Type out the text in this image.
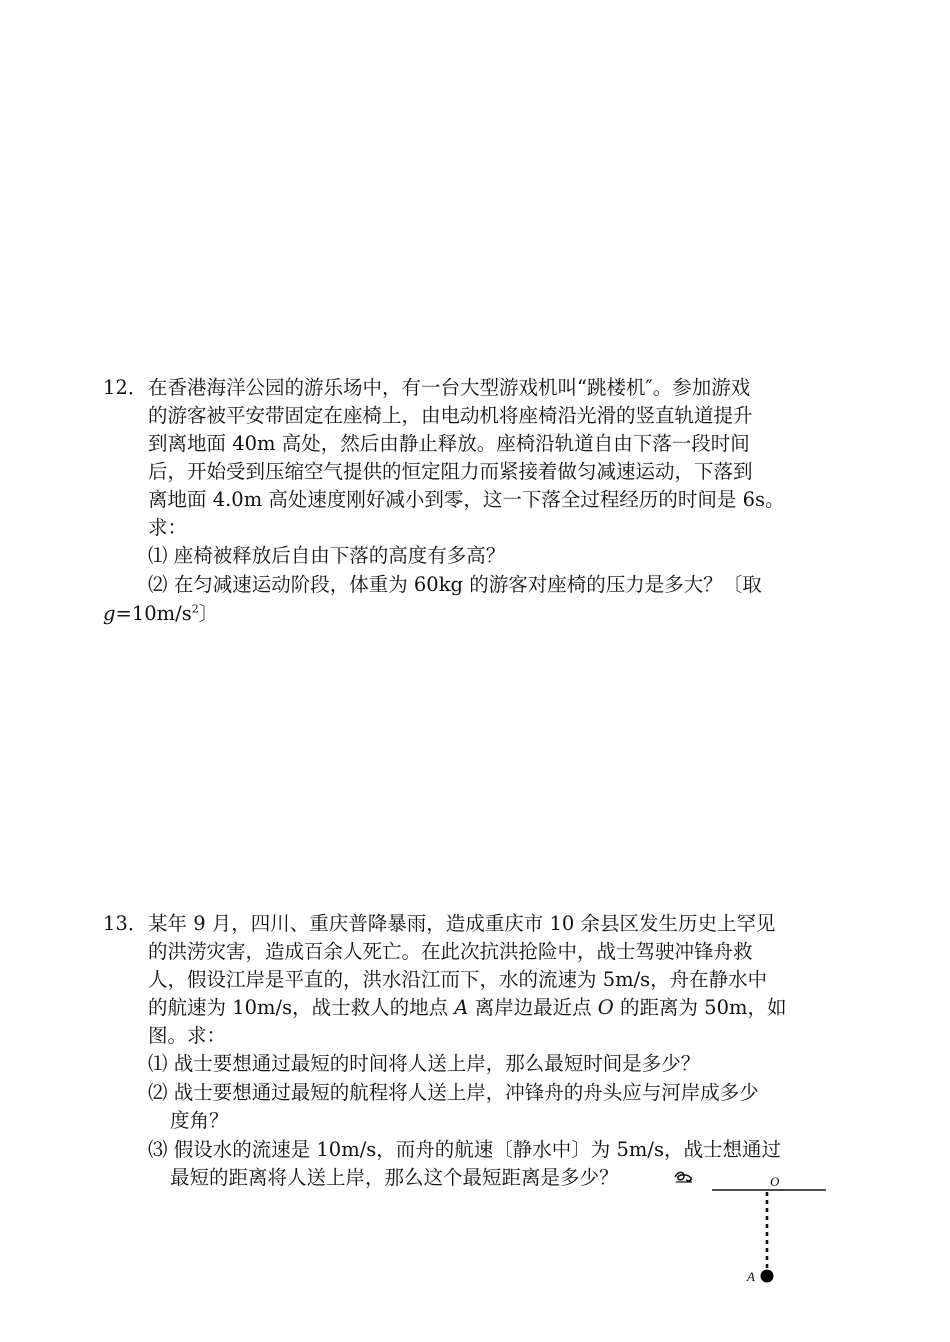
12． 在香港海洋公园的游乐场中，有一台大型游戏机叫“跳楼机″。参加游戏
的游客被平安带固定在座椅上，由电动机将座椅沿光滑的竖直轨道提升
到离地面 40m 高处，然后由静止释放。座椅沿轨道自由下落一段时间
后，开始受到压缩空气提供的恒定阻力而紧接着做匀减速运动，下落到
离地面 4.0m 高处速度刚好减小到零，这一下落全过程经历的时间是 6s。
求：
⑴ 座椅被释放后自由下落的高度有多高？
⑵ 在匀减速运动阶段，体重为 60kg 的游客对座椅的压力是多大？〔取
$g=10m/s^2$〕
13． 某年 9 月，四川、重庆普降暴雨，造成重庆市 10 余县区发生历史上罕见
的洪涝灾害，造成百余人死亡。在此次抗洪抢险中，战士驾驶冲锋舟救
人，假设江岸是平直的，洪水沿江而下，水的流速为 5m/s，舟在静水中
的航速为 10m/s，战士救人的地点 A 离岸边最近点 O 的距离为 50m，如
图。求：
⑴ 战士要想通过最短的时间将人送上岸，那么最短时间是多少？
⑵ 战士要想通过最短的航程将人送上岸，冲锋舟的舟头应与河岸成多少
度角？
⑶ 假设水的流速是 10m/s，而舟的航速〔静水中〕为 5m/s，战士想通过
最短的距离将人送上岸，那么这个最短距离是多少？	O
A
